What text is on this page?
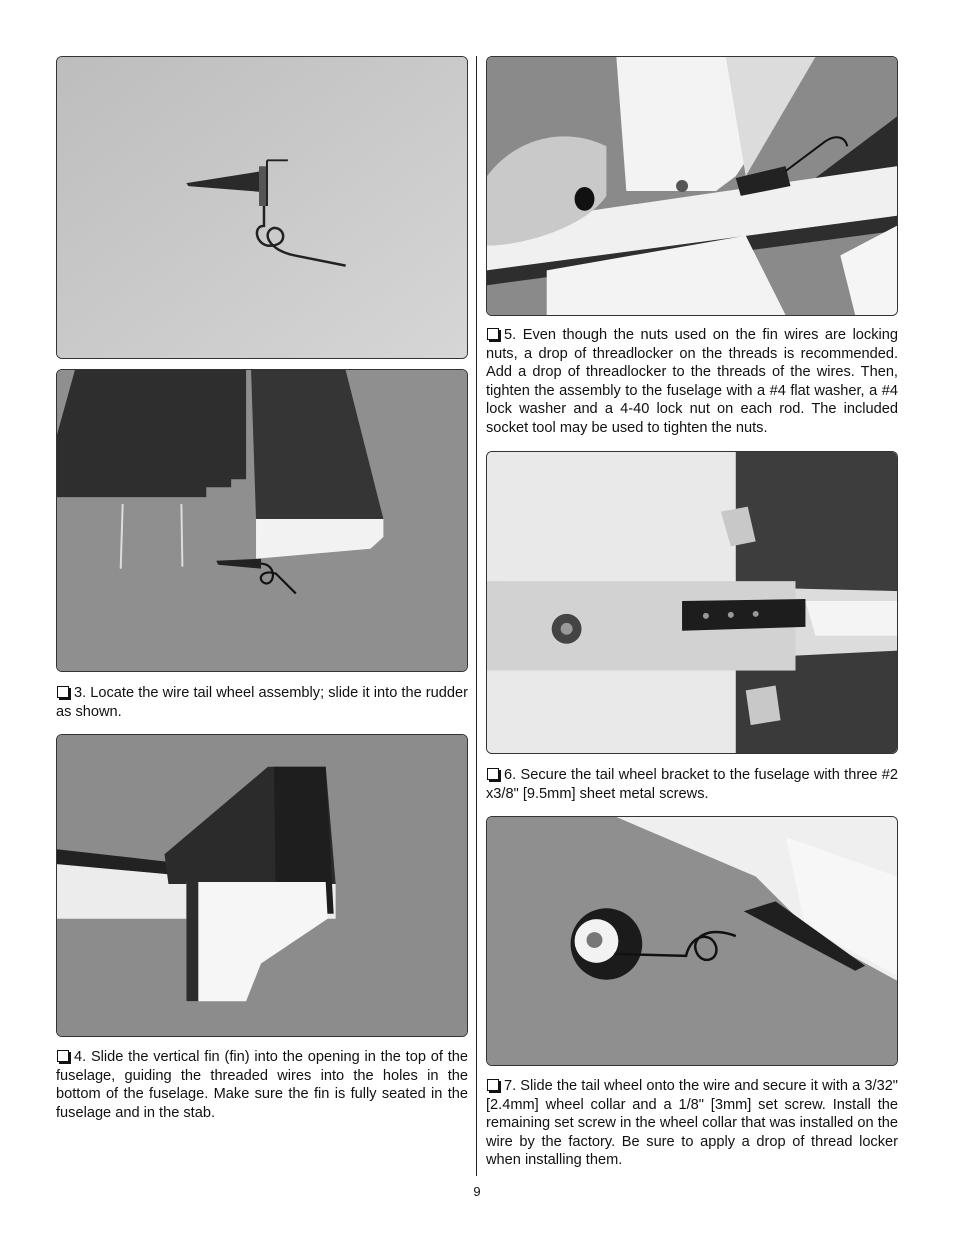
3. Locate the wire tail wheel assembly; slide it into the rudder as shown.

4. Slide the vertical fin (fin) into the opening in the top of the fuselage, guiding the threaded wires into the holes in the bottom of the fuselage. Make sure the fin is fully seated in the fuselage and in the stab.

5. Even though the nuts used on the fin wires are locking nuts, a drop of threadlocker on the threads is recommended. Add a drop of threadlocker to the threads of the wires. Then, tighten the assembly to the fuselage with a #4 flat washer, a #4 lock washer and a 4-40 lock nut on each rod. The included socket tool may be used to tighten the nuts.

6. Secure the tail wheel bracket to the fuselage with three #2 x3/8" [9.5mm] sheet metal screws.

7. Slide the tail wheel onto the wire and secure it with a 3/32" [2.4mm] wheel collar and a 1/8" [3mm] set screw. Install the remaining set screw in the wheel collar that was installed on the wire by the factory. Be sure to apply a drop of thread locker when installing them.

9
